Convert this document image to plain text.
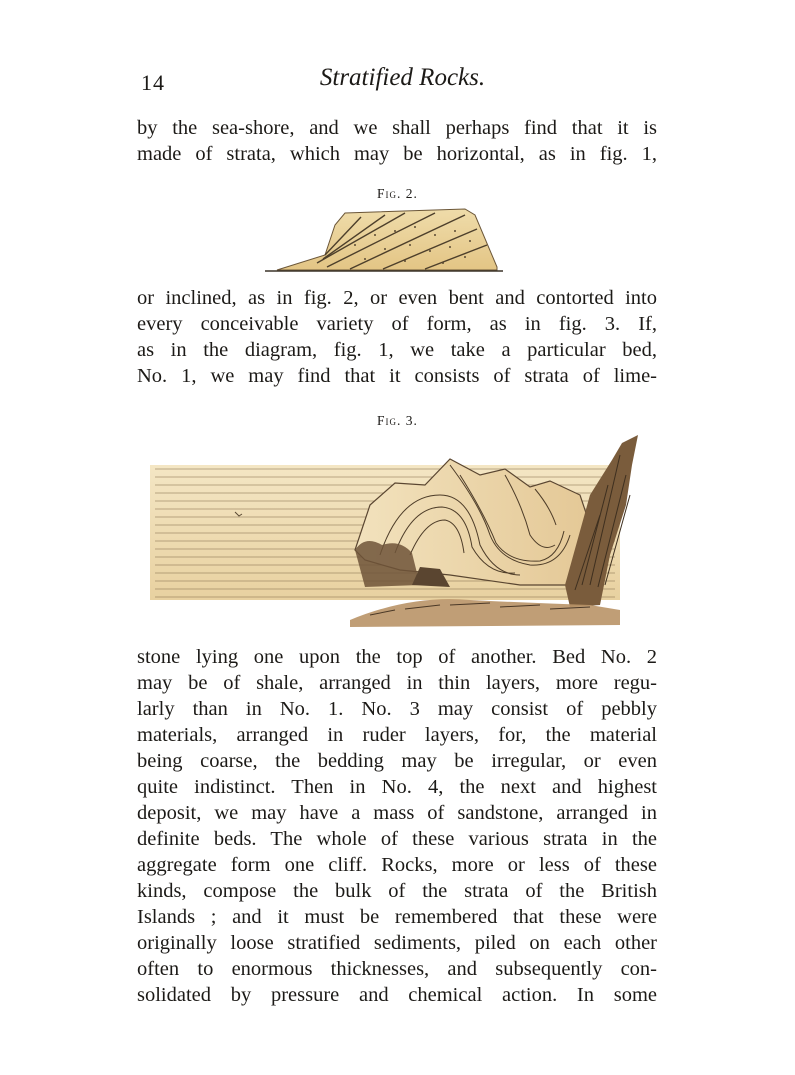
14	Stratified Rocks.
by the sea-shore, and we shall perhaps find that it is
made of strata, which may be horizontal, as in fig. 1,
Fig. 2.
or inclined, as in fig. 2, or even bent and contorted into
every conceivable variety of form, as in fig. 3. If,
as in the diagram, fig. 1, we take a particular bed,
No. 1, we may find that it consists of strata of lime-
Fig. 3.
stone lying one upon the top of another. Bed No. 2
may be of shale, arranged in thin layers, more regu-
larly than in No. 1. No. 3 may consist of pebbly
materials, arranged in ruder layers, for, the material
being coarse, the bedding may be irregular, or even
quite indistinct. Then in No. 4, the next and highest
deposit, we may have a mass of sandstone, arranged in
definite beds. The whole of these various strata in the
aggregate form one cliff. Rocks, more or less of these
kinds, compose the bulk of the strata of the British
Islands ; and it must be remembered that these were
originally loose stratified sediments, piled on each other
often to enormous thicknesses, and subsequently con-
solidated by pressure and chemical action. In some
